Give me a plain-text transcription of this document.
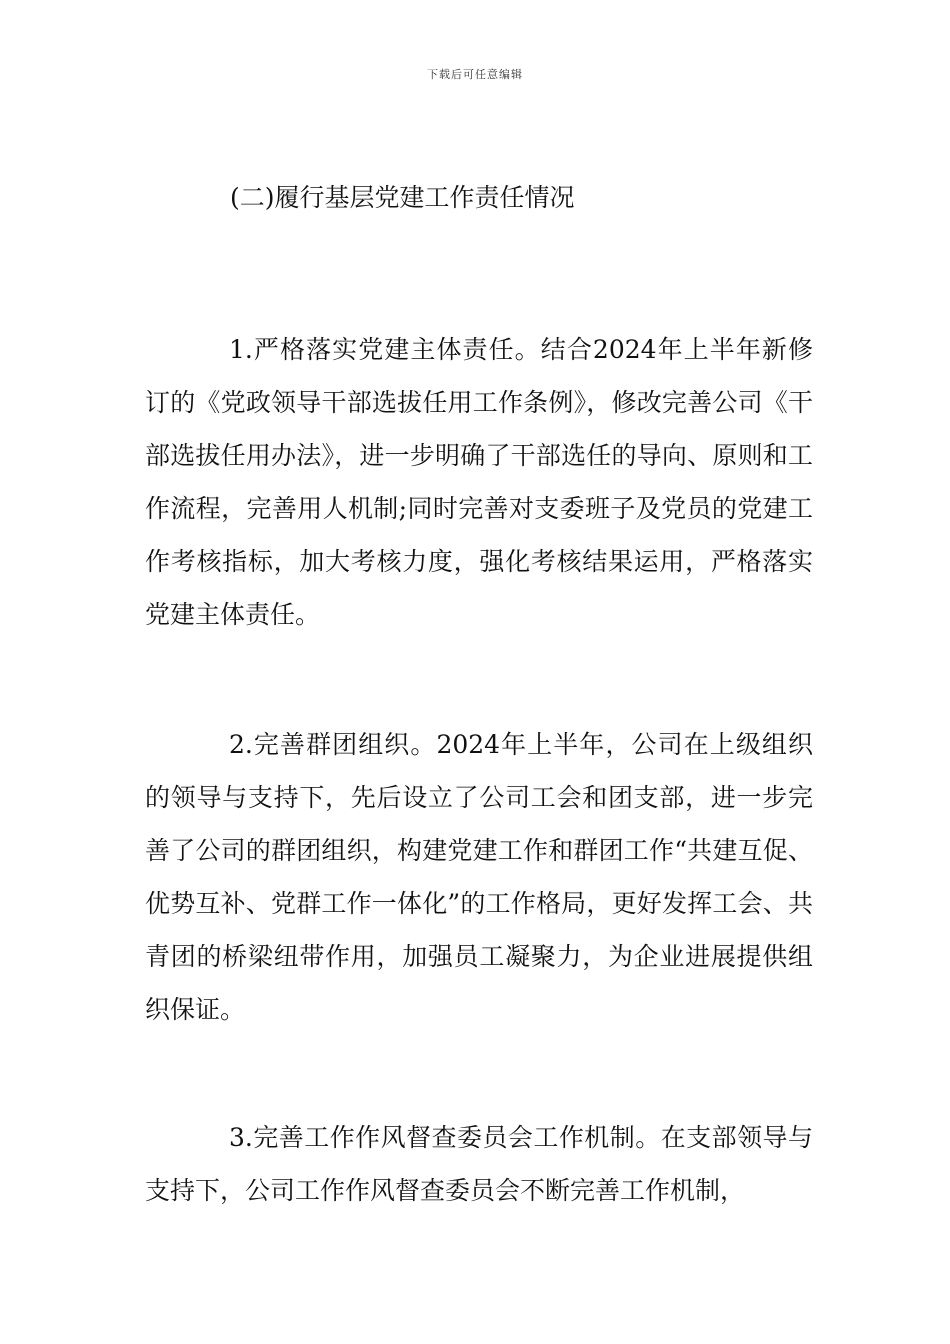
下载后可任意编辑
(二)履行基层党建工作责任情况

1.严格落实党建主体责任。结合2024年上半年新修订的《党政领导干部选拔任用工作条例》，修改完善公司《干部选拔任用办法》，进一步明确了干部选任的导向、原则和工作流程，完善用人机制;同时完善对支委班子及党员的党建工作考核指标，加大考核力度，强化考核结果运用，严格落实党建主体责任。

2.完善群团组织。2024年上半年，公司在上级组织的领导与支持下，先后设立了公司工会和团支部，进一步完善了公司的群团组织，构建党建工作和群团工作“共建互促、优势互补、党群工作一体化”的工作格局，更好发挥工会、共青团的桥梁纽带作用，加强员工凝聚力，为企业进展提供组织保证。

3.完善工作作风督查委员会工作机制。在支部领导与支持下，公司工作作风督查委员会不断完善工作机制，
